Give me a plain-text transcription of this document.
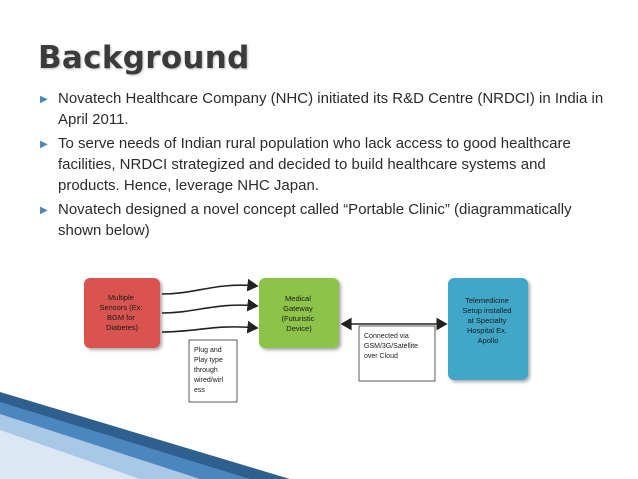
Background
▶ Novatech Healthcare Company (NHC) initiated its R&D Centre (NRDCI) in India in April 2011.
▶ To serve needs of Indian rural population who lack access to good healthcare facilities, NRDCI strategized and decided to build healthcare systems and products. Hence, leverage NHC Japan.
▶ Novatech designed a novel concept called “Portable Clinic” (diagrammatically shown below)
Multiple Sensors (Ex: BGM for Diabetes)
Medical Gateway (Futuristic Device)
Telemedicine Setup installed at Specialty Hospital Ex. Apollo
Plug and Play type through wired/wirl ess
Connected via GSM/3G/Satellite over Cloud
